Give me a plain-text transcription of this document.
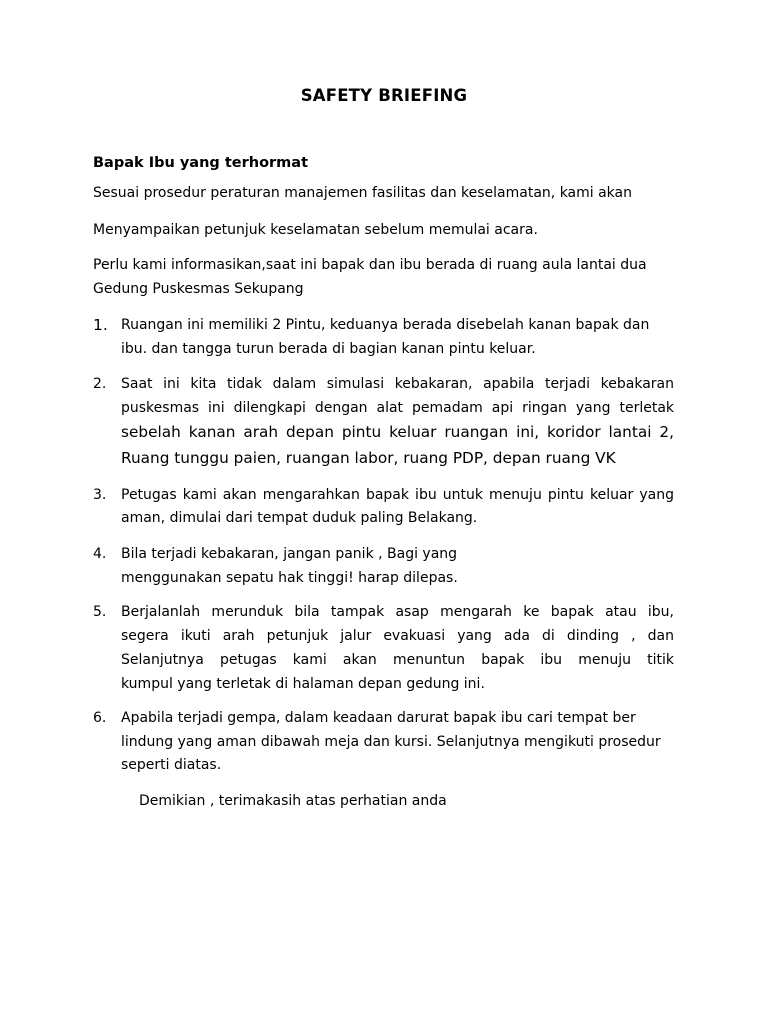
SAFETY BRIEFING
Bapak Ibu yang terhormat
Sesuai prosedur peraturan manajemen fasilitas dan keselamatan, kami akan
Menyampaikan petunjuk keselamatan sebelum memulai acara.
Perlu kami informasikan,saat ini bapak dan ibu berada di ruang aula lantai dua
Gedung Puskesmas Sekupang
1. Ruangan ini memiliki 2 Pintu, keduanya berada disebelah kanan bapak dan
ibu. dan tangga turun berada di bagian kanan pintu keluar.
2. Saat ini kita tidak dalam simulasi kebakaran, apabila terjadi kebakaran
puskesmas ini dilengkapi dengan alat pemadam api ringan yang terletak
sebelah kanan arah depan pintu keluar ruangan ini, koridor lantai 2,
Ruang tunggu paien, ruangan labor, ruang PDP, depan ruang VK
3. Petugas kami akan mengarahkan bapak ibu untuk menuju pintu keluar yang
aman, dimulai dari tempat duduk paling Belakang.
4. Bila terjadi kebakaran, jangan panik , Bagi yang
menggunakan sepatu hak tinggi! harap dilepas.
5. Berjalanlah merunduk bila tampak asap mengarah ke bapak atau ibu,
segera ikuti arah petunjuk jalur evakuasi yang ada di dinding , dan
Selanjutnya petugas kami akan menuntun bapak ibu menuju titik
kumpul yang terletak di halaman depan gedung ini.
6. Apabila terjadi gempa, dalam keadaan darurat bapak ibu cari tempat ber
lindung yang aman dibawah meja dan kursi. Selanjutnya mengikuti prosedur
seperti diatas.
Demikian , terimakasih atas perhatian anda
